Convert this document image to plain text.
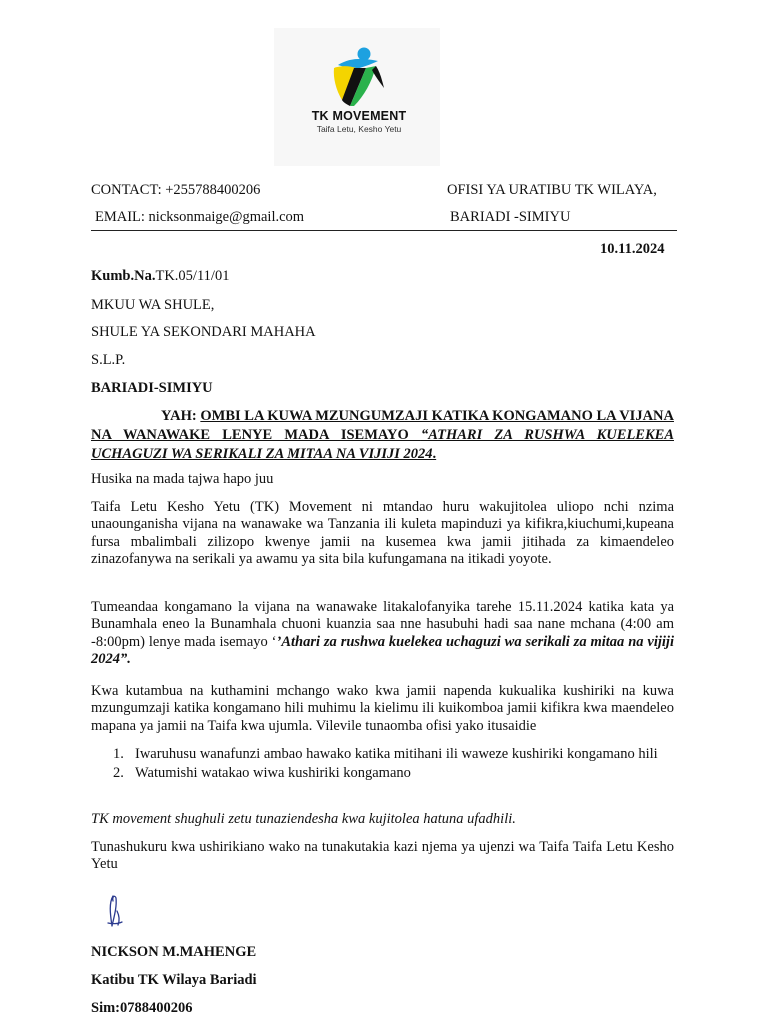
TK MOVEMENT
Taifa Letu, Kesho Yetu
CONTACT: +255788400206
EMAIL: nicksonmaige@gmail.com
OFISI YA URATIBU TK WILAYA,
BARIADI -SIMIYU
10.11.2024
Kumb.Na.TK.05/11/01
MKUU WA SHULE,
SHULE YA SEKONDARI MAHAHA
S.L.P.
BARIADI-SIMIYU
YAH: OMBI LA KUWA MZUNGUMZAJI KATIKA KONGAMANO LA VIJANA NA WANAWAKE LENYE MADA ISEMAYO “ATHARI ZA RUSHWA KUELEKEA UCHAGUZI WA SERIKALI ZA MITAA NA VIJIJI 2024.
Husika na mada tajwa hapo juu
Taifa Letu Kesho Yetu (TK) Movement ni mtandao huru wakujitolea uliopo nchi nzima unaounganisha vijana na wanawake wa Tanzania ili kuleta mapinduzi ya kifikra,kiuchumi,kupeana fursa mbalimbali zilizopo kwenye jamii na kusemea kwa jamii jitihada za kimaendeleo zinazofanywa na serikali ya awamu ya sita bila kufungamana na itikadi yoyote.
Tumeandaa kongamano la vijana na wanawake litakalofanyika tarehe 15.11.2024 katika kata ya Bunamhala eneo la Bunamhala chuoni kuanzia saa nne hasubuhi hadi saa nane mchana (4:00 am -8:00pm) lenye mada isemayo ‘’Athari za rushwa kuelekea uchaguzi wa serikali za mitaa na vijiji 2024”.
Kwa kutambua na kuthamini mchango wako kwa jamii napenda kukualika kushiriki na kuwa mzungumzaji katika kongamano hili muhimu la kielimu ili kuikomboa jamii kifikra kwa maendeleo mapana ya jamii na Taifa kwa ujumla. Vilevile tunaomba ofisi yako itusaidie
1. Iwaruhusu wanafunzi ambao hawako katika mitihani ili waweze kushiriki kongamano hili
2. Watumishi watakao wiwa kushiriki kongamano
TK movement shughuli zetu tunaziendesha kwa kujitolea hatuna ufadhili.
Tunashukuru kwa ushirikiano wako na tunakutakia kazi njema ya ujenzi wa Taifa Taifa Letu Kesho Yetu
NICKSON M.MAHENGE
Katibu TK Wilaya Bariadi
Sim:0788400206
